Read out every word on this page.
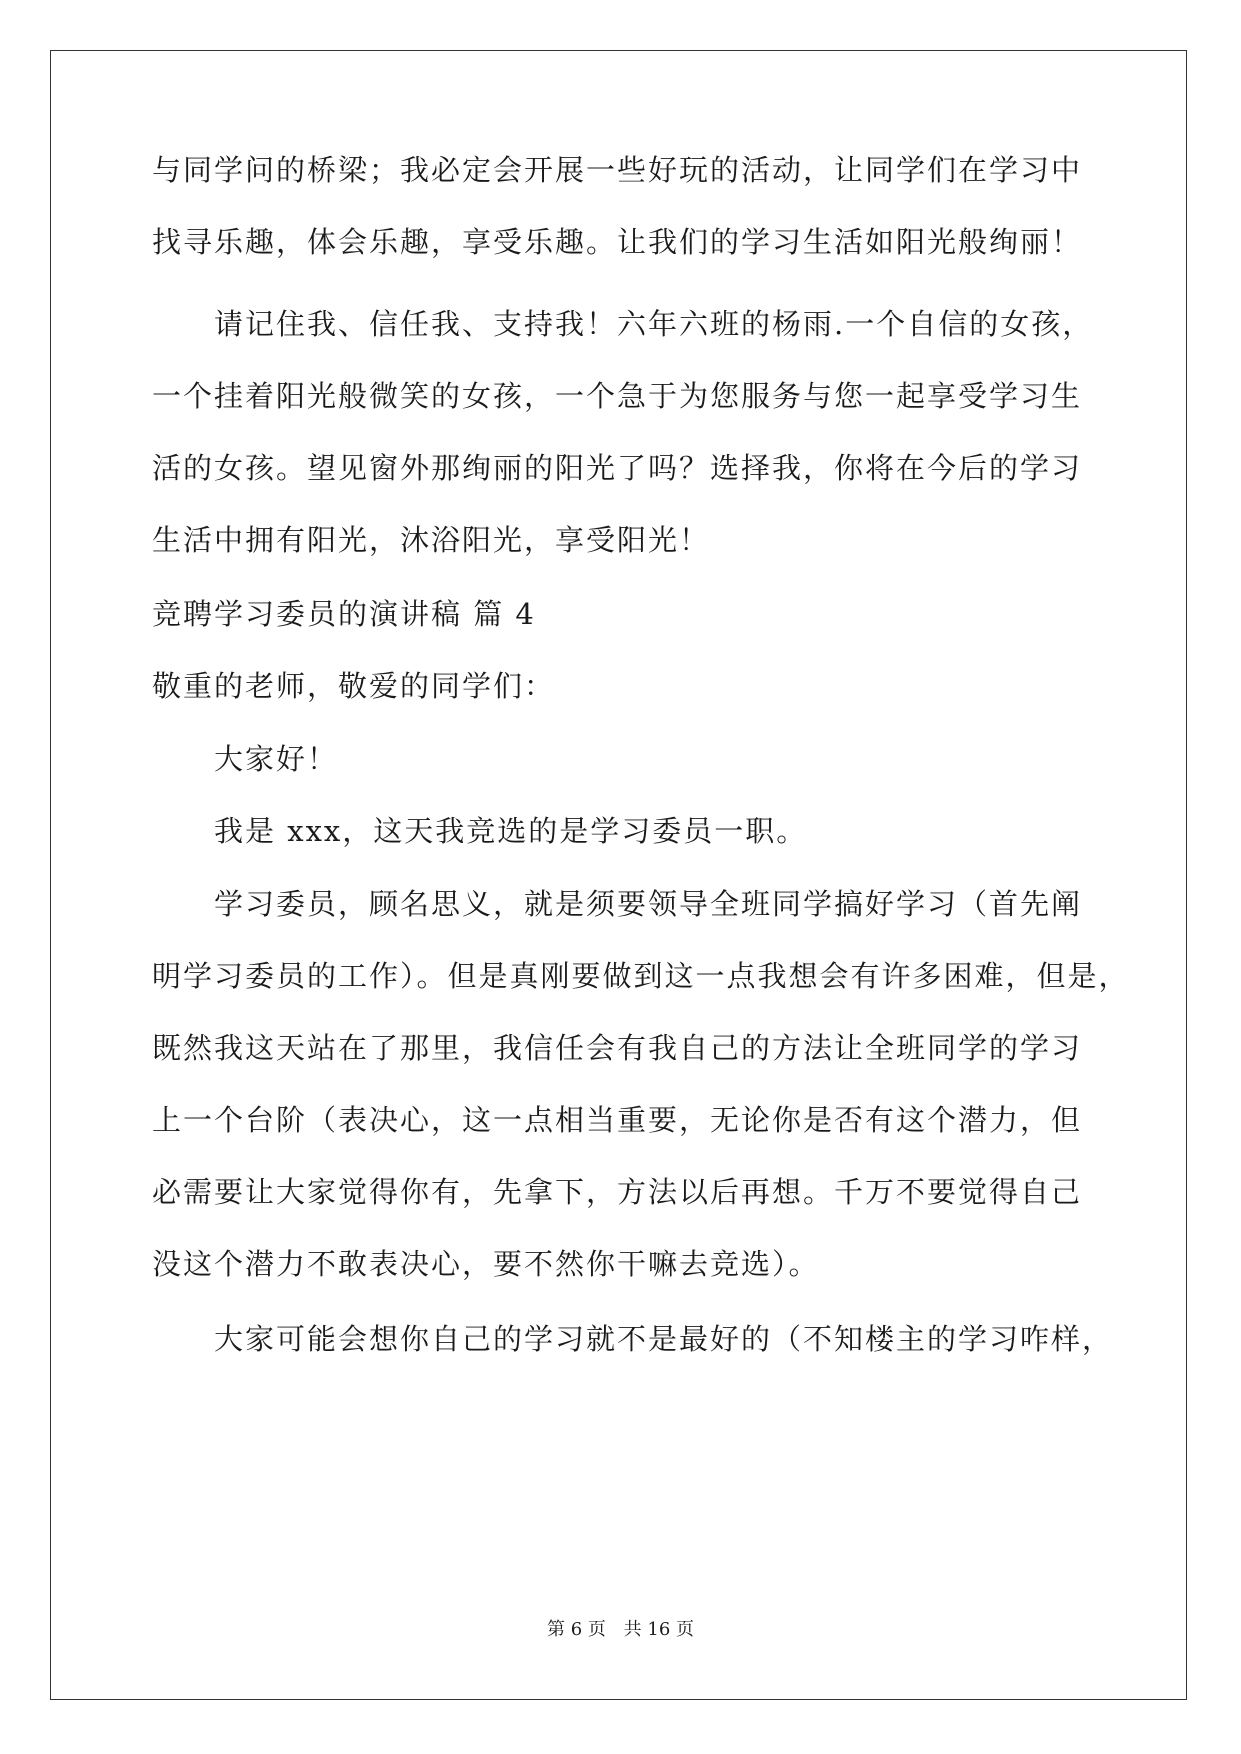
与同学问的桥梁；我必定会开展一些好玩的活动，让同学们在学习中
找寻乐趣，体会乐趣，享受乐趣。让我们的学习生活如阳光般绚丽！
请记住我、信任我、支持我！六年六班的杨雨.一个自信的女孩，
一个挂着阳光般微笑的女孩，一个急于为您服务与您一起享受学习生
活的女孩。望见窗外那绚丽的阳光了吗？选择我，你将在今后的学习
生活中拥有阳光，沐浴阳光，享受阳光！
竞聘学习委员的演讲稿 篇 4
敬重的老师，敬爱的同学们：
大家好！
我是 xxx，这天我竞选的是学习委员一职。
学习委员，顾名思义，就是须要领导全班同学搞好学习（首先阐
明学习委员的工作）。但是真刚要做到这一点我想会有许多困难，但是，
既然我这天站在了那里，我信任会有我自己的方法让全班同学的学习
上一个台阶（表决心，这一点相当重要，无论你是否有这个潜力，但
必需要让大家觉得你有，先拿下，方法以后再想。千万不要觉得自己
没这个潜力不敢表决心，要不然你干嘛去竞选）。
大家可能会想你自己的学习就不是最好的（不知楼主的学习咋样，
第 6 页 共 16 页
